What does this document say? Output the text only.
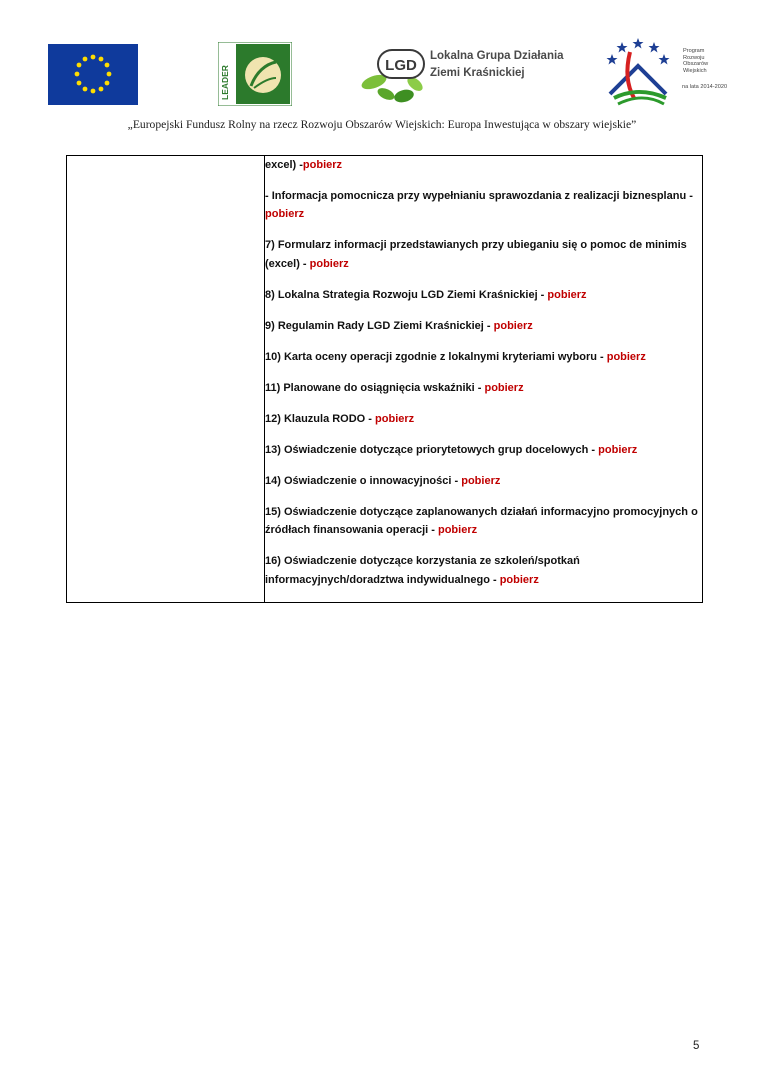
LEADER	LGD
Lokalna Grupa Działania
Ziemi Kraśnickiej
Program
Rozwoju
Obszarów
Wiejskich
na lata 2014-2020
„Europejski Fundusz Rolny na rzecz Rozwoju Obszarów Wiejskich: Europa Inwestująca w obszary wiejskie”

excel) -pobierz

- Informacja pomocnicza przy wypełnianiu sprawozdania z realizacji biznesplanu -pobierz

7) Formularz informacji przedstawianych przy ubieganiu się o pomoc de minimis (excel) - pobierz

8) Lokalna Strategia Rozwoju LGD Ziemi Kraśnickiej - pobierz

9) Regulamin Rady LGD Ziemi Kraśnickiej - pobierz

10) Karta oceny operacji zgodnie z lokalnymi kryteriami wyboru - pobierz

11) Planowane do osiągnięcia wskaźniki - pobierz

12) Klauzula RODO - pobierz

13) Oświadczenie dotyczące priorytetowych grup docelowych - pobierz

14) Oświadczenie o innowacyjności - pobierz

15) Oświadczenie dotyczące zaplanowanych działań informacyjno promocyjnych o źródłach finansowania operacji - pobierz

16) Oświadczenie dotyczące korzystania ze szkoleń/spotkań informacyjnych/doradztwa indywidualnego - pobierz

5
